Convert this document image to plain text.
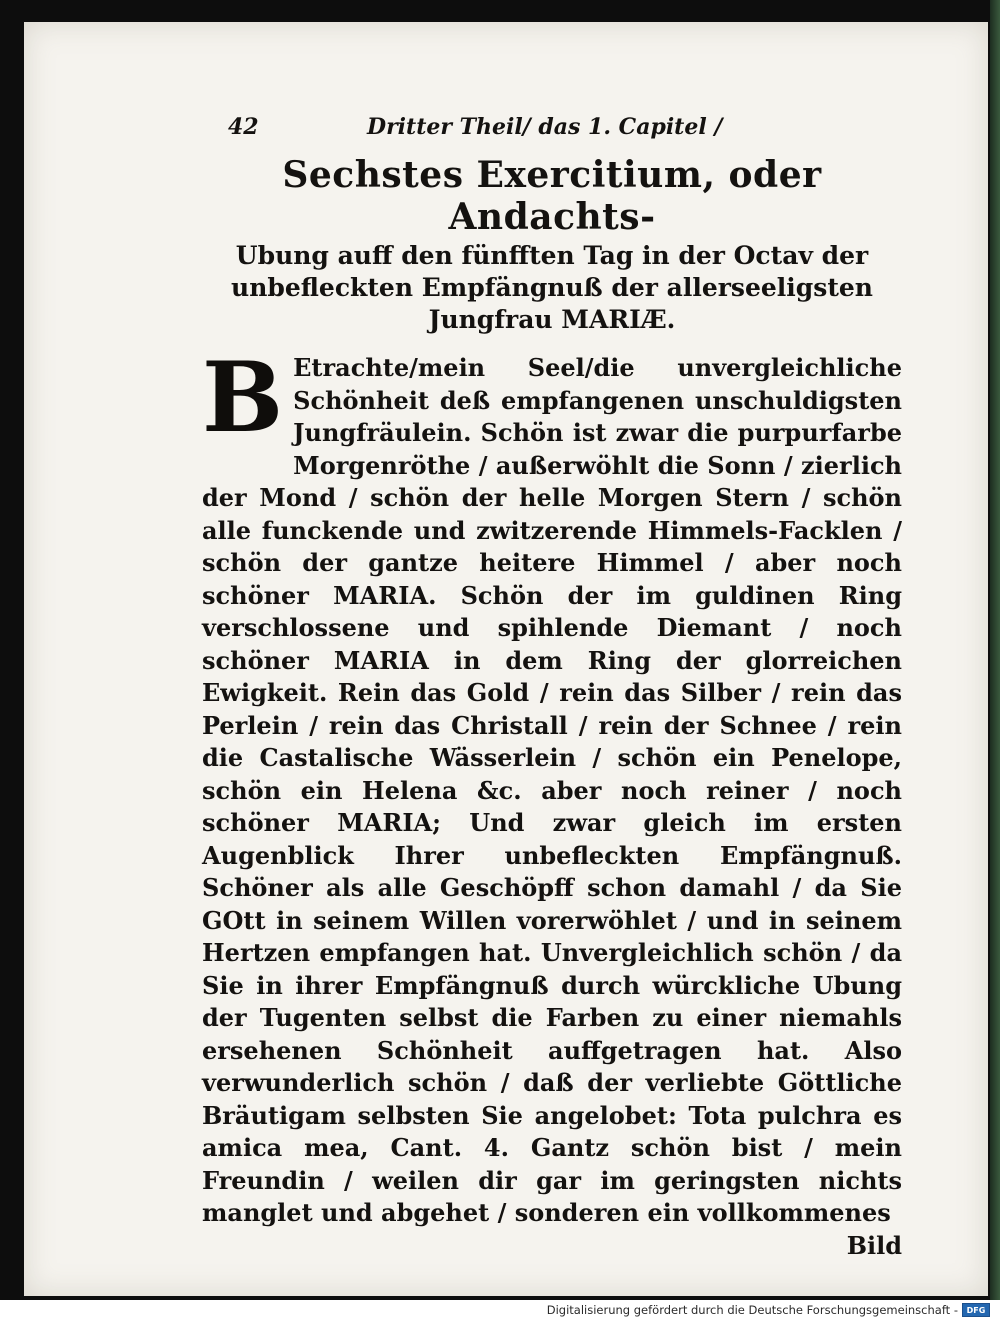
42	Dritter Theil/ das 1. Capitel /
Sechstes Exercitium, oder Andachts-
Ubung auff den fünfften Tag in der Octav der unbefleckten Empfängnuß der allerseeligsten Jungfrau MARIÆ.
B Etrachte/mein Seel/die unvergleichliche Schönheit deß empfangenen unschuldigsten Jungfräulein. Schön ist zwar die purpurfarbe Morgenröthe / außerwöhlt die Sonn / zierlich der Mond / schön der helle Morgen Stern / schön alle funckende und zwitzerende Himmels-Facklen / schön der gantze heitere Himmel / aber noch schöner MARIA. Schön der im guldinen Ring verschlossene und spihlende Diemant / noch schöner MARIA in dem Ring der glorreichen Ewigkeit. Rein das Gold / rein das Silber / rein das Perlein / rein das Christall / rein der Schnee / rein die Castalische Wässerlein / schön ein Penelope, schön ein Helena &c. aber noch reiner / noch schöner MARIA; Und zwar gleich im ersten Augenblick Ihrer unbefleckten Empfängnuß. Schöner als alle Geschöpff schon damahl / da Sie GOtt in seinem Willen vorerwöhlet / und in seinem Hertzen empfangen hat. Unvergleichlich schön / da Sie in ihrer Empfängnuß durch würckliche Ubung der Tugenten selbst die Farben zu einer niemahls ersehenen Schönheit auffgetragen hat. Also verwunderlich schön / daß der verliebte Göttliche Bräutigam selbsten Sie angelobet: Tota pulchra es amica mea, Cant. 4. Gantz schön bist / mein Freundin / weilen dir gar im geringsten nichts manglet und abgehet / sonderen ein vollkommenes
Bild
Digitalisierung gefördert durch die Deutsche Forschungsgemeinschaft -	DFG
